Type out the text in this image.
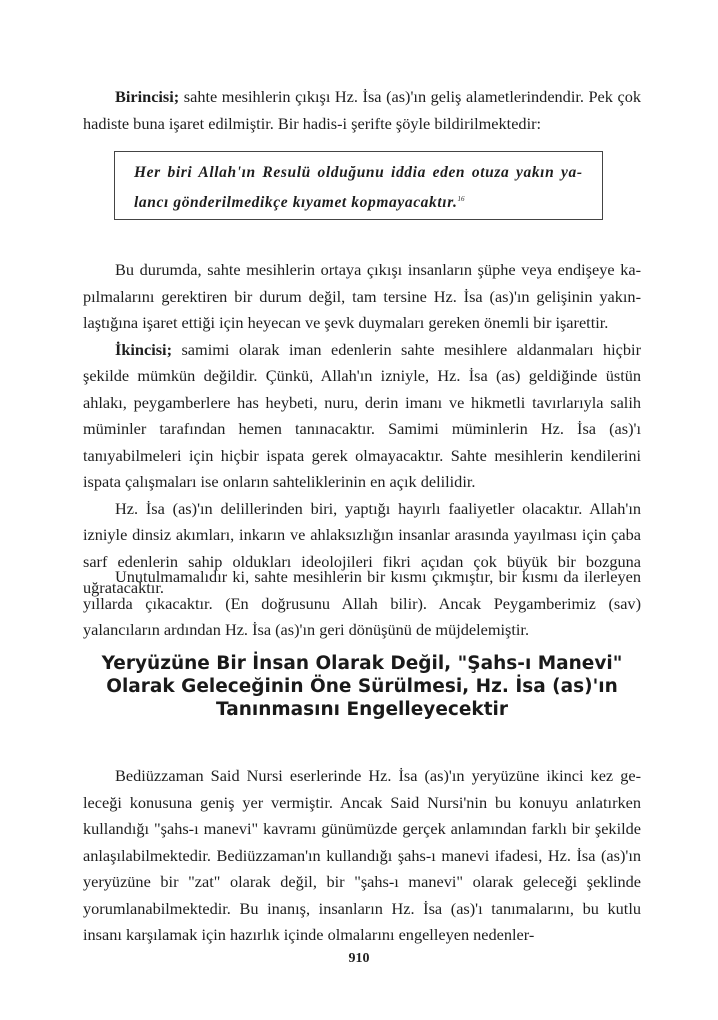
Birincisi; sahte mesihlerin çıkışı Hz. İsa (as)'ın geliş alametlerindendir. Pek çok hadiste buna işaret edilmiştir. Bir hadis-i şerifte şöyle bildirilmektedir:

Her biri Allah'ın Resulü olduğunu iddia eden otuza yakın yalancı gönderilmedikçe kıyamet kopmayacaktır.$^{16}$

Bu durumda, sahte mesihlerin ortaya çıkışı insanların şüphe veya endişeye kapılmalarını gerektiren bir durum değil, tam tersine Hz. İsa (as)'ın gelişinin yakınlaştığına işaret ettiği için heyecan ve şevk duymaları gereken önemli bir işarettir.

İkincisi; samimi olarak iman edenlerin sahte mesihlere aldanmaları hiçbir şekilde mümkün değildir. Çünkü, Allah'ın izniyle, Hz. İsa (as) geldiğinde üstün ahlakı, peygamberlere has heybeti, nuru, derin imanı ve hikmetli tavırlarıyla salih müminler tarafından hemen tanınacaktır. Samimi müminlerin Hz. İsa (as)'ı tanıyabilmeleri için hiçbir ispata gerek olmayacaktır. Sahte mesihlerin kendilerini ispata çalışmaları ise onların sahteliklerinin en açık delilidir.

Hz. İsa (as)'ın delillerinden biri, yaptığı hayırlı faaliyetler olacaktır. Allah'ın izniyle dinsiz akımları, inkarın ve ahlaksızlığın insanlar arasında yayılması için çaba sarf edenlerin sahip oldukları ideolojileri fikri açıdan çok büyük bir bozguna uğratacaktır.

Unutulmamalıdır ki, sahte mesihlerin bir kısmı çıkmıştır, bir kısmı da ilerleyen yıllarda çıkacaktır. (En doğrusunu Allah bilir). Ancak Peygamberimiz (sav) yalancıların ardından Hz. İsa (as)'ın geri dönüşünü de müjdelemiştir.

Yeryüzüne Bir İnsan Olarak Değil, "Şahs-ı Manevi"
Olarak Geleceğinin Öne Sürülmesi, Hz. İsa (as)'ın
Tanınmasını Engelleyecektir

Bediüzzaman Said Nursi eserlerinde Hz. İsa (as)'ın yeryüzüne ikinci kez geleceği konusuna geniş yer vermiştir. Ancak Said Nursi'nin bu konuyu anlatırken kullandığı "şahs-ı manevi" kavramı günümüzde gerçek anlamından farklı bir şekilde anlaşılabilmektedir. Bediüzzaman'ın kullandığı şahs-ı manevi ifadesi, Hz. İsa (as)'ın yeryüzüne bir "zat" olarak değil, bir "şahs-ı manevi" olarak geleceği şeklinde yorumlanabilmektedir. Bu inanış, insanların Hz. İsa (as)'ı tanımalarını, bu kutlu insanı karşılamak için hazırlık içinde olmalarını engelleyen nedenler-

910
